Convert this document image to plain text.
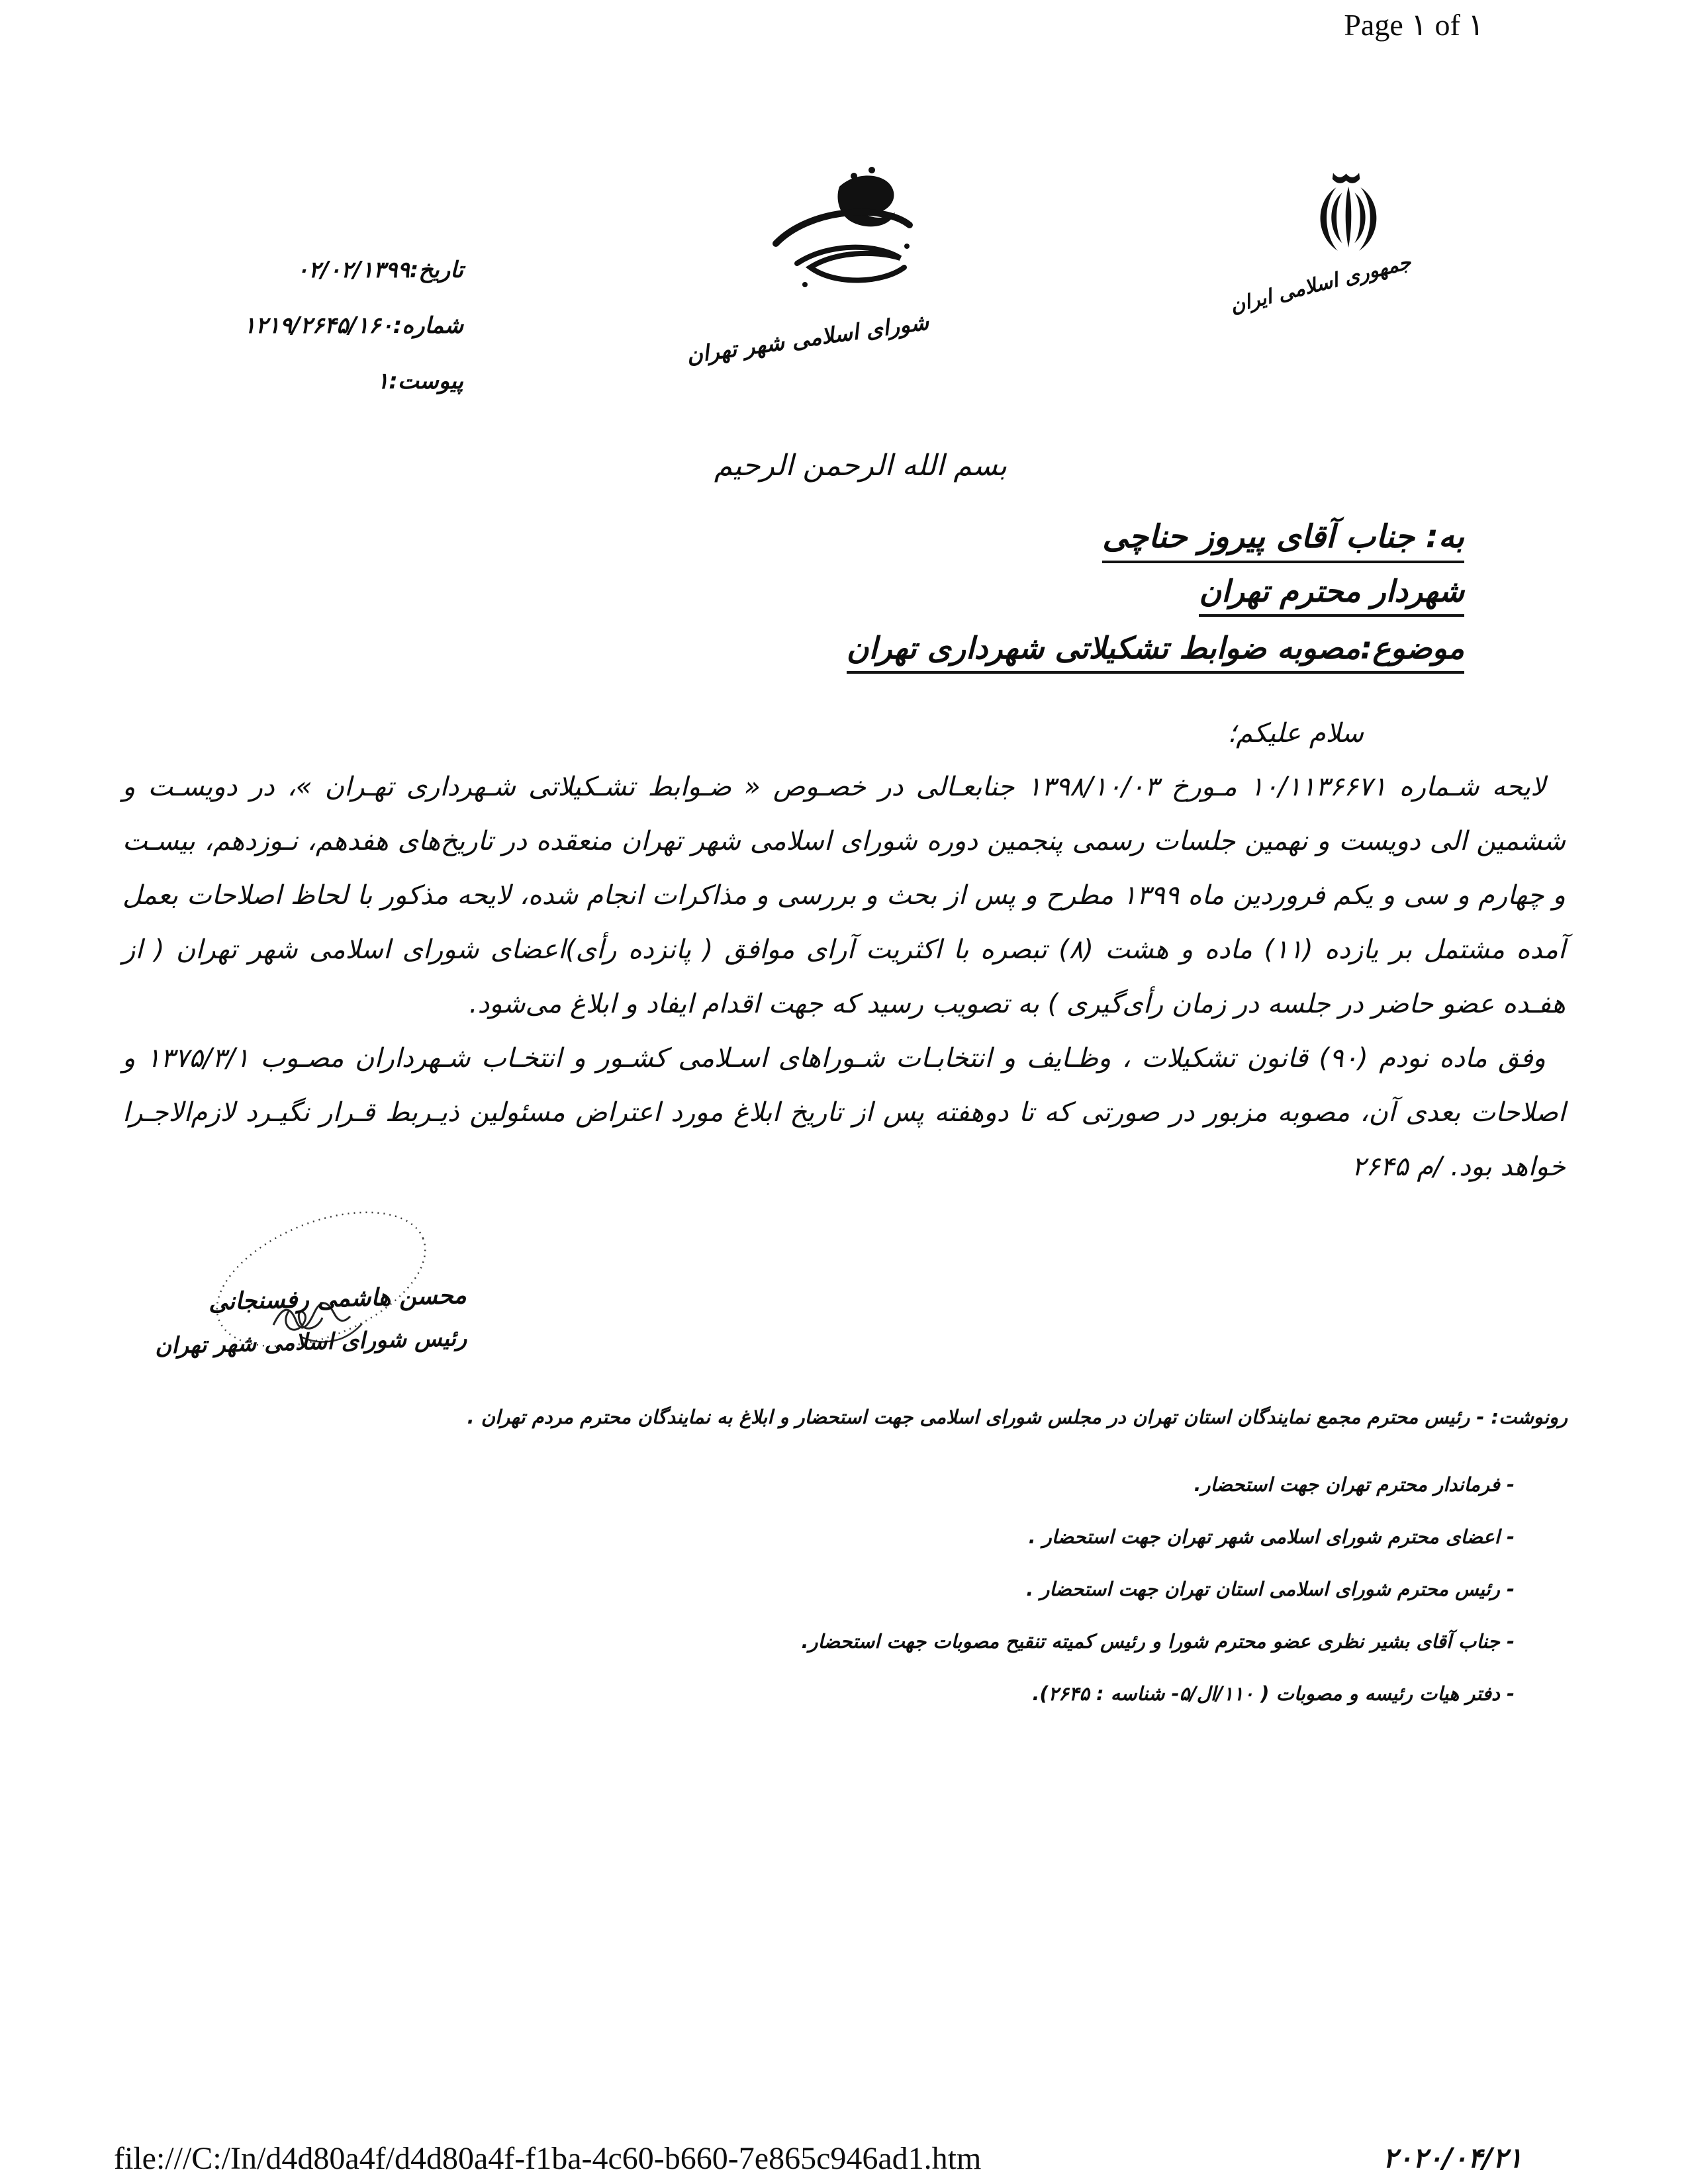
Page ۱ of ۱
تاریخ:۰۲/۰۲/۱۳۹۹
شماره:۱۲۱۹/۲۶۴۵/۱۶۰
پیوست:۱
شورای اسلامی شهر تهران
جمهوری اسلامی ایران
بسم الله الرحمن الرحيم
به: جناب آقای پیروز حناچی
شهردار محترم تهران
موضوع:مصوبه ضوابط تشکیلاتی شهرداری تهران
سلام علیکم؛

لایحه شـماره ۱۰/۱۱۳۶۶۷۱ مـورخ ۱۳۹۸/۱۰/۰۳ جنابعـالی در خصـوص « ضـوابط تشـکیلاتی شـهرداری تهـران »، در دویسـت و ششمین الی دویست و نهمین جلسات رسمی پنجمین دوره شورای اسلامی شهر تهران منعقده در تاریخ‌های هفدهم، نـوزدهم، بیسـت و چهارم و سی و یکم فروردین ماه ۱۳۹۹ مطرح و پس از بحث و بررسی و مذاکرات انجام شده، لایحه مذکور با لحاظ اصلاحات بعمل آمده مشتمل بر یازده (۱۱) ماده و هشت (۸) تبصره با اکثریت آرای موافق ( پانزده رأی)اعضای شورای اسلامی شهر تهران ( از هفـده عضو حاضر در جلسه در زمان رأی‌گیری ) به تصویب رسید که جهت اقدام ایفاد و ابلاغ می‌شود.

وفق ماده نودم (۹۰) قانون تشکیلات ، وظـایف و انتخابـات شـوراهای اسـلامی کشـور و انتخـاب شـهرداران مصـوب ۱۳۷۵/۳/۱ و اصلاحات بعدی آن، مصوبه مزبور در صورتی که تا دوهفته پس از تاریخ ابلاغ مورد اعتراض مسئولین ذیـربط قـرار نگیـرد لازم‌الاجـرا خواهد بود. /م ۲۶۴۵

محسن هاشمی رفسنجانی
رئیس شورای اسلامی شهر تهران
رونوشت: - رئیس محترم مجمع نمایندگان استان تهران در مجلس شورای اسلامی جهت استحضار و ابلاغ به نمایندگان محترم مردم تهران .
- فرماندار محترم تهران جهت استحضار.
- اعضای محترم شورای اسلامی شهر تهران جهت استحضار .
- رئیس محترم شورای اسلامی استان تهران جهت استحضار .
- جناب آقای بشیر نظری عضو محترم شورا و رئیس کمیته تنقیح مصوبات جهت استحضار.
- دفتر هیات رئیسه و مصوبات ( ۱۱۰/ال/۵- شناسه : ۲۶۴۵).
file:///C:/In/d4d80a4f/d4d80a4f-f1ba-4c60-b660-7e865c946ad1.htm	۲۰۲۰/۰۴/۲۱
